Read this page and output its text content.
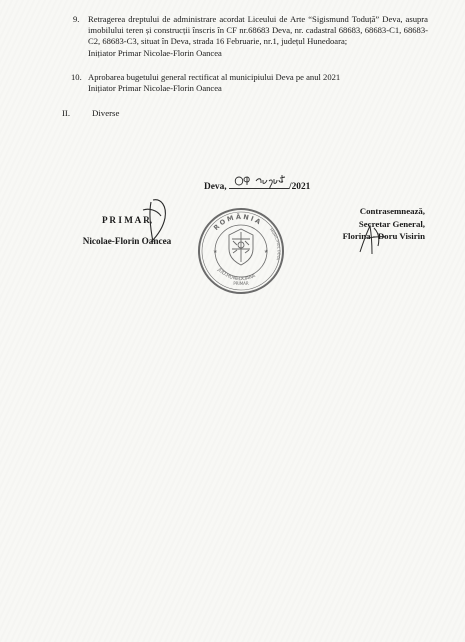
9. Retragerea dreptului de administrare acordat Liceului de Arte “Sigismund Toduță” Deva, asupra imobilului teren și construcții înscris în CF nr.68683 Deva, nr. cadastral 68683, 68683-C1, 68683-C2, 68683-C3, situat în Deva, strada 16 Februarie, nr.1, județul Hunedoara;

Inițiator Primar Nicolae-Florin Oancea

10. Aprobarea bugetului general rectificat al municipiului Deva pe anul 2021

Inițiator Primar Nicolae-Florin Oancea

II. Diverse
Deva,	/2021
P R I M A R,
Nicolae-Florin Oancea
ROMÂNIA
JUD.HUNEDOARA
MUNICIPIUL DEVA
PRIMAR
★	★
Contrasemnează,
Secretar General,
Florina - Doru Visirin
